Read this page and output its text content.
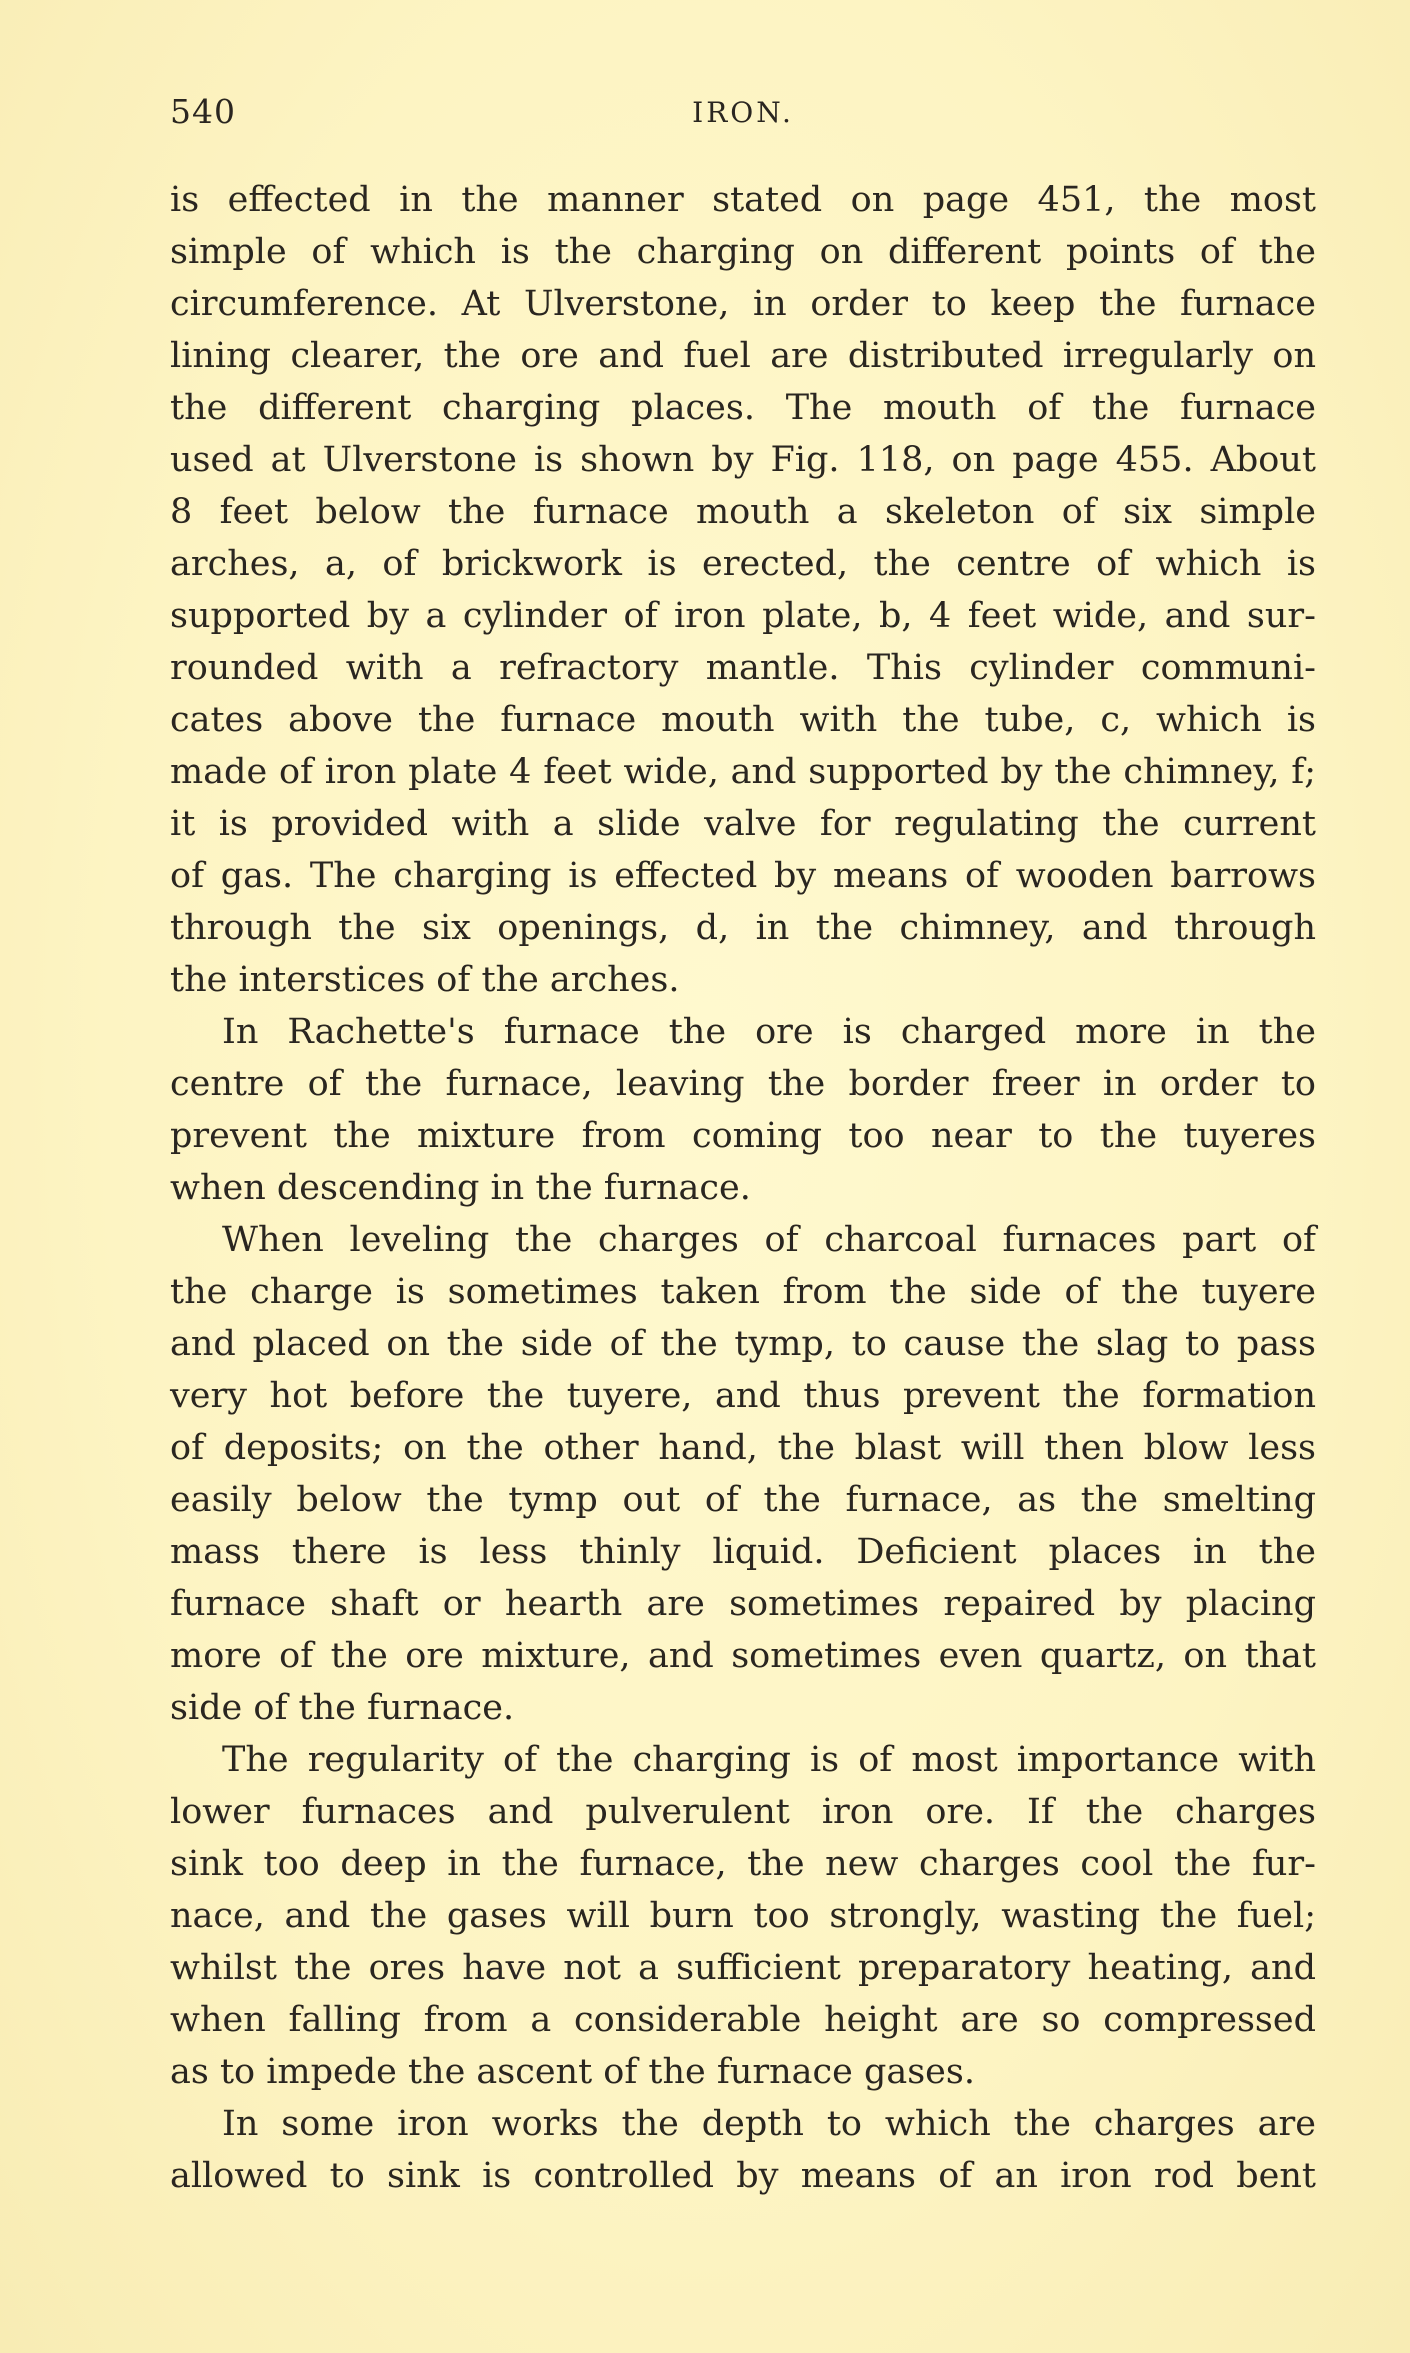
540	IRON.
is effected in the manner stated on page 451, the most
simple of which is the charging on different points of the
circumference. At Ulverstone, in order to keep the furnace
lining clearer, the ore and fuel are distributed irregularly on
the different charging places. The mouth of the furnace
used at Ulverstone is shown by Fig. 118, on page 455. About
8 feet below the furnace mouth a skeleton of six simple
arches, a, of brickwork is erected, the centre of which is
supported by a cylinder of iron plate, b, 4 feet wide, and sur-
rounded with a refractory mantle. This cylinder communi-
cates above the furnace mouth with the tube, c, which is
made of iron plate 4 feet wide, and supported by the chimney, f;
it is provided with a slide valve for regulating the current
of gas. The charging is effected by means of wooden barrows
through the six openings, d, in the chimney, and through
the interstices of the arches.
In Rachette's furnace the ore is charged more in the
centre of the furnace, leaving the border freer in order to
prevent the mixture from coming too near to the tuyeres
when descending in the furnace.
When leveling the charges of charcoal furnaces part of
the charge is sometimes taken from the side of the tuyere
and placed on the side of the tymp, to cause the slag to pass
very hot before the tuyere, and thus prevent the formation
of deposits; on the other hand, the blast will then blow less
easily below the tymp out of the furnace, as the smelting
mass there is less thinly liquid. Deficient places in the
furnace shaft or hearth are sometimes repaired by placing
more of the ore mixture, and sometimes even quartz, on that
side of the furnace.
The regularity of the charging is of most importance with
lower furnaces and pulverulent iron ore. If the charges
sink too deep in the furnace, the new charges cool the fur-
nace, and the gases will burn too strongly, wasting the fuel;
whilst the ores have not a sufficient preparatory heating, and
when falling from a considerable height are so compressed
as to impede the ascent of the furnace gases.
In some iron works the depth to which the charges are
allowed to sink is controlled by means of an iron rod bent
